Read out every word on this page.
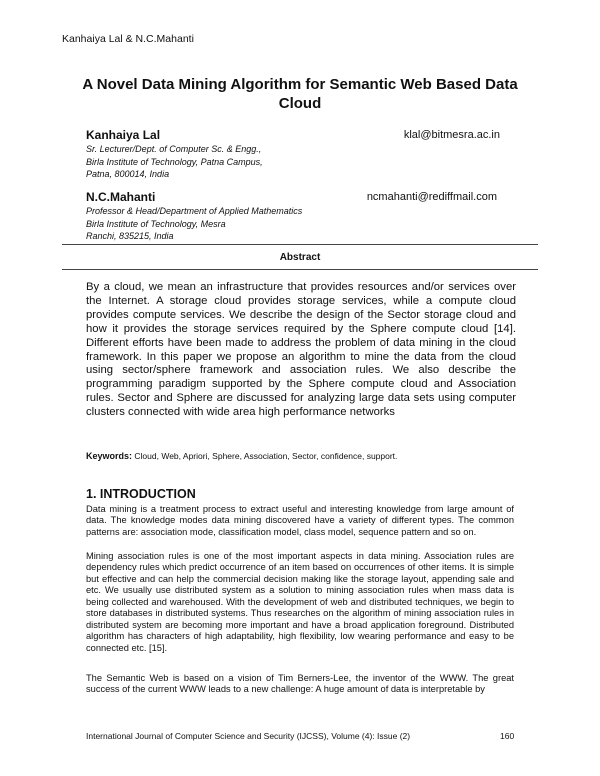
Kanhaiya Lal & N.C.Mahanti
A Novel Data Mining Algorithm for Semantic Web Based Data Cloud
Kanhaiya Lal	klal@bitmesra.ac.in
Sr. Lecturer/Dept. of Computer Sc. & Engg.,
Birla Institute of Technology, Patna Campus,
Patna, 800014, India
N.C.Mahanti	ncmahanti@rediffmail.com
Professor & Head/Department of Applied Mathematics
Birla Institute of Technology, Mesra
Ranchi, 835215, India
Abstract

By a cloud, we mean an infrastructure that provides resources and/or services over the Internet. A storage cloud provides storage services, while a compute cloud provides compute services. We describe the design of the Sector storage cloud and how it provides the storage services required by the Sphere compute cloud [14]. Different efforts have been made to address the problem of data mining in the cloud framework. In this paper we propose an algorithm to mine the data from the cloud using sector/sphere framework and association rules. We also describe the programming paradigm supported by the Sphere compute cloud and Association rules. Sector and Sphere are discussed for analyzing large data sets using computer clusters connected with wide area high performance networks

Keywords: Cloud, Web, Apriori, Sphere, Association, Sector, confidence, support.
1. INTRODUCTION

Data mining is a treatment process to extract useful and interesting knowledge from large amount of data. The knowledge modes data mining discovered have a variety of different types. The common patterns are: association mode, classification model, class model, sequence pattern and so on.

Mining association rules is one of the most important aspects in data mining. Association rules are dependency rules which predict occurrence of an item based on occurrences of other items. It is simple but effective and can help the commercial decision making like the storage layout, appending sale and etc. We usually use distributed system as a solution to mining association rules when mass data is being collected and warehoused. With the development of web and distributed techniques, we begin to store databases in distributed systems. Thus researches on the algorithm of mining association rules in distributed system are becoming more important and have a broad application foreground. Distributed algorithm has characters of high adaptability, high flexibility, low wearing performance and easy to be connected etc. [15].

The Semantic Web is based on a vision of Tim Berners-Lee, the inventor of the WWW. The great success of the current WWW leads to a new challenge: A huge amount of data is interpretable by

International Journal of Computer Science and Security (IJCSS), Volume (4): Issue (2)	160
